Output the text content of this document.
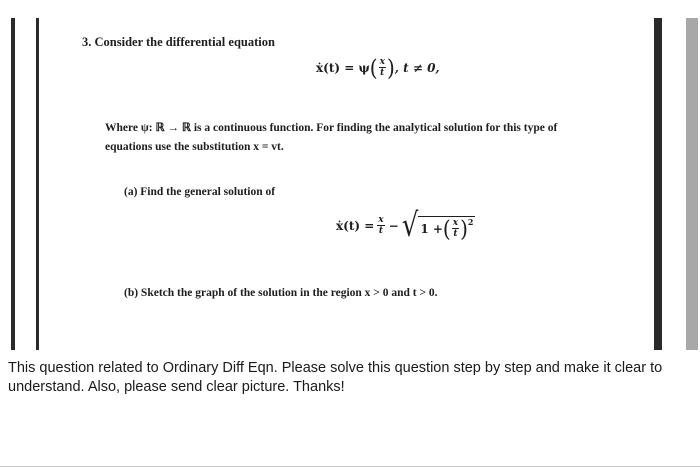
3. Consider the differential equation
ẋ(t) = ψ ( $\frac{x}{t}$ ) , t ≠ 0,
Where ψ: ℝ → ℝ is a continuous function. For finding the analytical solution for this type of
equations use the substitution x = vt.
(a) Find the general solution of
ẋ(t) = $\frac{x}{t}$ − √ 1 + ( $\frac{x}{t}$ ) 2
(b) Sketch the graph of the solution in the region x > 0 and t > 0.
This question related to Ordinary Diff Eqn. Please solve this question step by step and make it clear to understand. Also, please send clear picture. Thanks!
